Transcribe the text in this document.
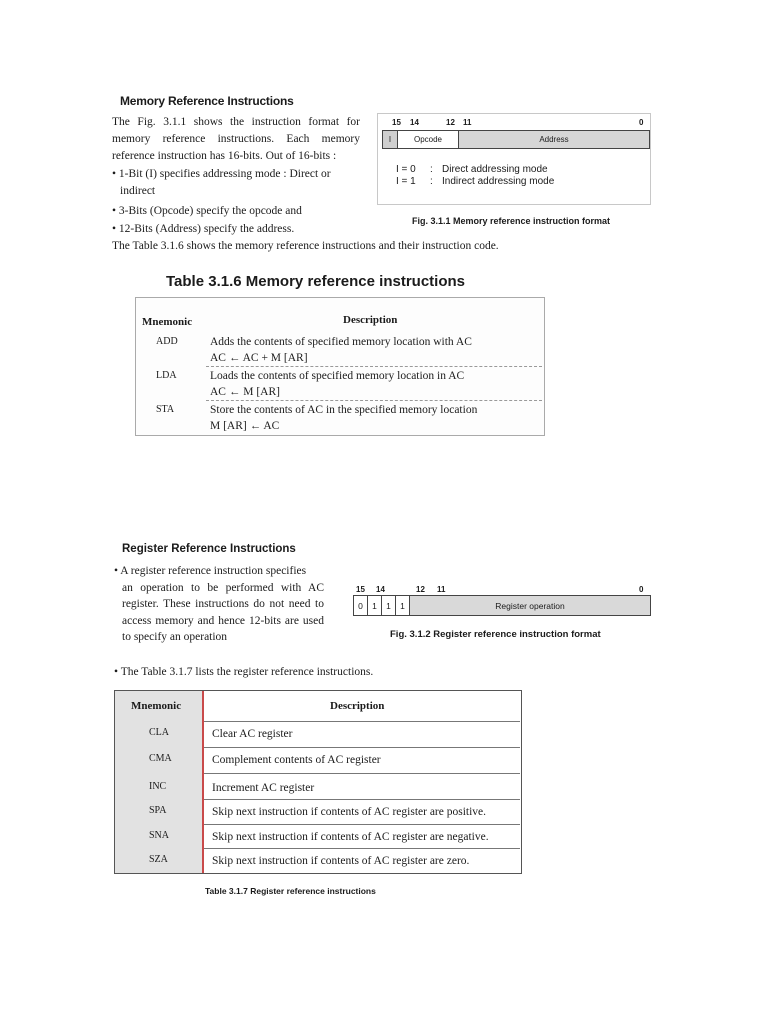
Memory Reference Instructions
The Fig. 3.1.1 shows the instruction format for memory reference instructions. Each memory reference instruction has 16-bits. Out of 16-bits :
• 1-Bit (I) specifies addressing mode : Direct or
indirect
• 3-Bits (Opcode) specify the opcode and
• 12-Bits (Address) specify the address.
The Table 3.1.6 shows the memory reference instructions and their instruction code.
15 14	12 11	0
I	Opcode	Address
I = 0	: Direct addressing mode
I = 1	: Indirect addressing mode
Fig. 3.1.1 Memory reference instruction format
Table 3.1.6 Memory reference instructions
Mnemonic	Description
ADD	Adds the contents of specified memory location with AC
AC ← AC + M [AR]
LDA	Loads the contents of specified memory location in AC
AC ← M [AR]
STA	Store the contents of AC in the specified memory location
M [AR] ← AC
Register Reference Instructions
• A register reference instruction specifies
an operation to be performed with AC register. These instructions do not need to access memory and hence 12-bits are used to specify an operation
15 14	12 11	0
0	1	1	1	Register operation
Fig. 3.1.2 Register reference instruction format
• The Table 3.1.7 lists the register reference instructions.
Mnemonic	Description
CLA	Clear AC register
CMA	Complement contents of AC register
INC	Increment AC register
SPA	Skip next instruction if contents of AC register are positive.
SNA	Skip next instruction if contents of AC register are negative.
SZA	Skip next instruction if contents of AC register are zero.
Table 3.1.7 Register reference instructions
